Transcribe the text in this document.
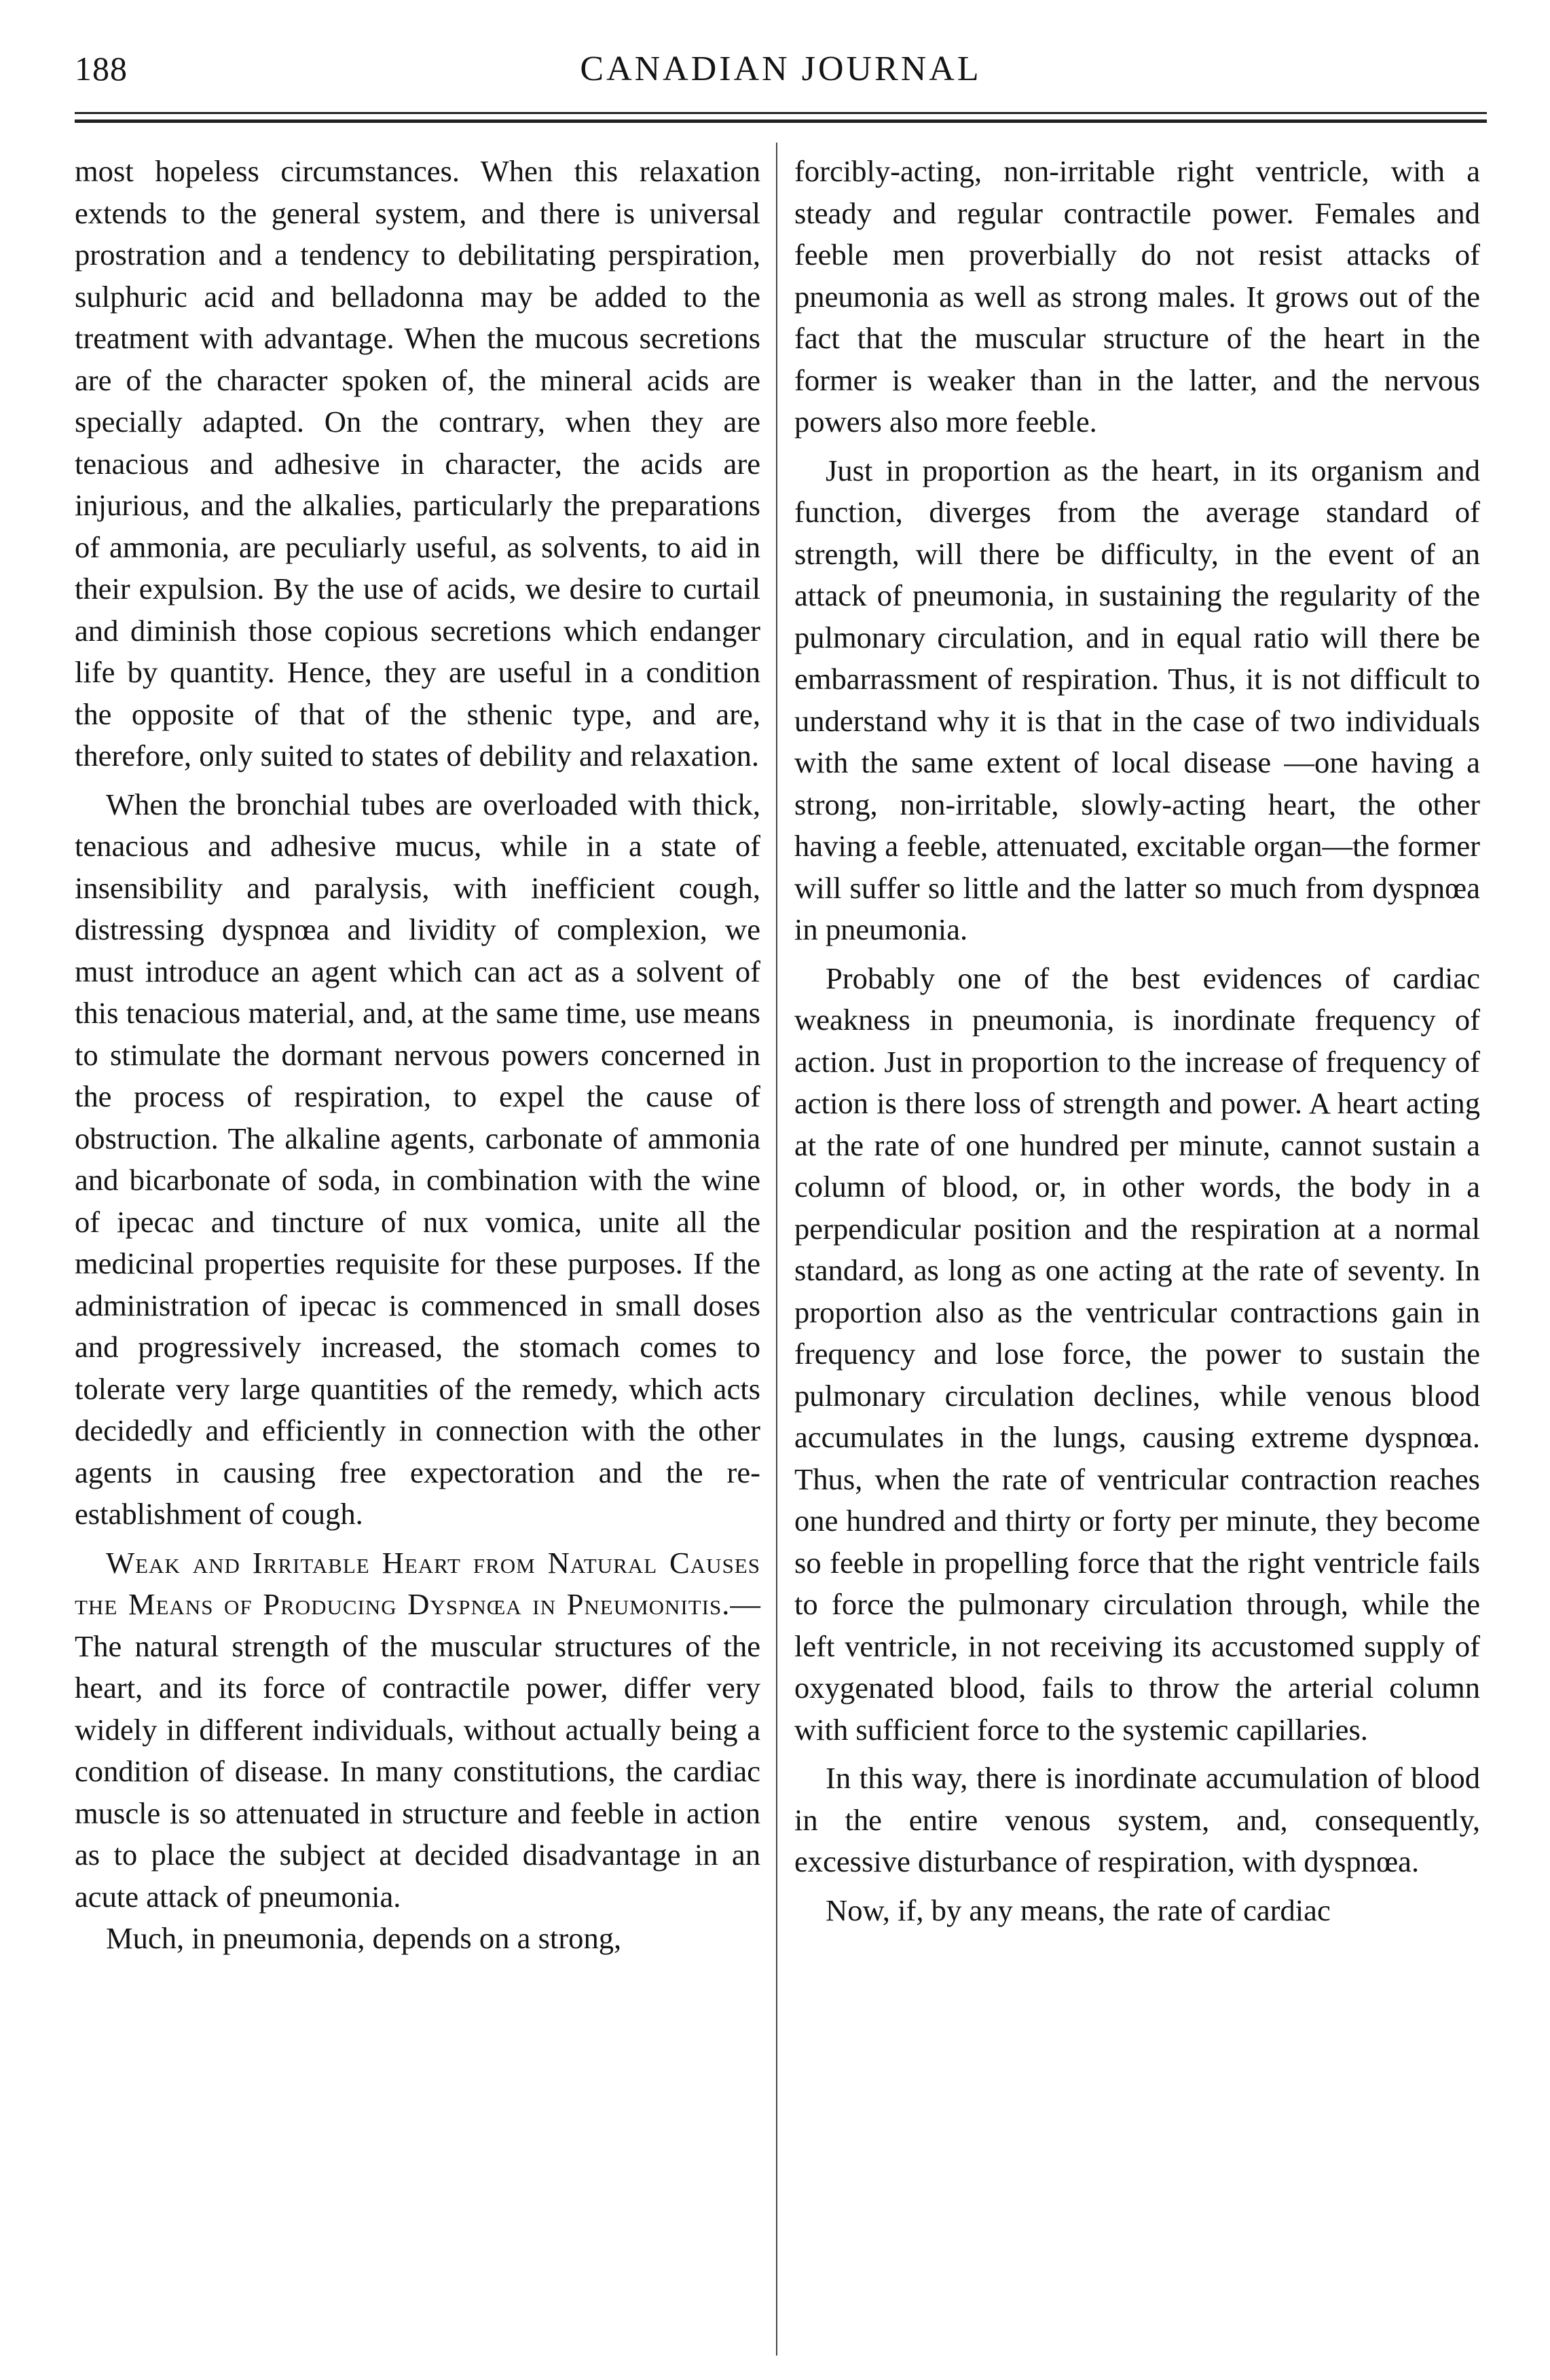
188	CANADIAN JOURNAL

most hopeless circumstances. When this relaxation extends to the general system, and there is universal prostration and a tendency to debilitating perspiration, sulphuric acid and belladonna may be added to the treatment with advantage. When the mucous secretions are of the character spoken of, the mineral acids are specially adapted. On the contrary, when they are tenacious and adhesive in character, the acids are injurious, and the alkalies, particularly the preparations of ammonia, are peculiarly useful, as solvents, to aid in their expulsion. By the use of acids, we desire to curtail and diminish those copious secretions which endanger life by quantity. Hence, they are useful in a condition the opposite of that of the sthenic type, and are, therefore, only suited to states of debility and relaxation.

When the bronchial tubes are overloaded with thick, tenacious and adhesive mucus, while in a state of insensibility and paralysis, with inefficient cough, distressing dyspnœa and lividity of complexion, we must introduce an agent which can act as a solvent of this tenacious material, and, at the same time, use means to stimulate the dormant nervous powers concerned in the process of respiration, to expel the cause of obstruction. The alkaline agents, carbonate of ammonia and bicarbonate of soda, in combination with the wine of ipecac and tincture of nux vomica, unite all the medicinal properties requisite for these purposes. If the administration of ipecac is commenced in small doses and progressively increased, the stomach comes to tolerate very large quantities of the remedy, which acts decidedly and efficiently in connection with the other agents in causing free expectoration and the re-establishment of cough.

Weak and Irritable Heart from Natural Causes the Means of Producing Dyspnœa in Pneumonitis.—The natural strength of the muscular structures of the heart, and its force of contractile power, differ very widely in different individuals, without actually being a condition of disease. In many constitutions, the cardiac muscle is so attenuated in structure and feeble in action as to place the subject at decided disadvantage in an acute attack of pneumonia.

Much, in pneumonia, depends on a strong,

forcibly-acting, non-irritable right ventricle, with a steady and regular contractile power. Females and feeble men proverbially do not resist attacks of pneumonia as well as strong males. It grows out of the fact that the muscular structure of the heart in the former is weaker than in the latter, and the nervous powers also more feeble.

Just in proportion as the heart, in its organism and function, diverges from the average standard of strength, will there be difficulty, in the event of an attack of pneumonia, in sustaining the regularity of the pulmonary circulation, and in equal ratio will there be embarrassment of respiration. Thus, it is not difficult to understand why it is that in the case of two individuals with the same extent of local disease —one having a strong, non-irritable, slowly-acting heart, the other having a feeble, attenuated, excitable organ—the former will suffer so little and the latter so much from dyspnœa in pneumonia.

Probably one of the best evidences of cardiac weakness in pneumonia, is inordinate frequency of action. Just in proportion to the increase of frequency of action is there loss of strength and power. A heart acting at the rate of one hundred per minute, cannot sustain a column of blood, or, in other words, the body in a perpendicular position and the respiration at a normal standard, as long as one acting at the rate of seventy. In proportion also as the ventricular contractions gain in frequency and lose force, the power to sustain the pulmonary circulation declines, while venous blood accumulates in the lungs, causing extreme dyspnœa. Thus, when the rate of ventricular contraction reaches one hundred and thirty or forty per minute, they become so feeble in propelling force that the right ventricle fails to force the pulmonary circulation through, while the left ventricle, in not receiving its accustomed supply of oxygenated blood, fails to throw the arterial column with sufficient force to the systemic capillaries.

In this way, there is inordinate accumulation of blood in the entire venous system, and, consequently, excessive disturbance of respiration, with dyspnœa.

Now, if, by any means, the rate of cardiac
